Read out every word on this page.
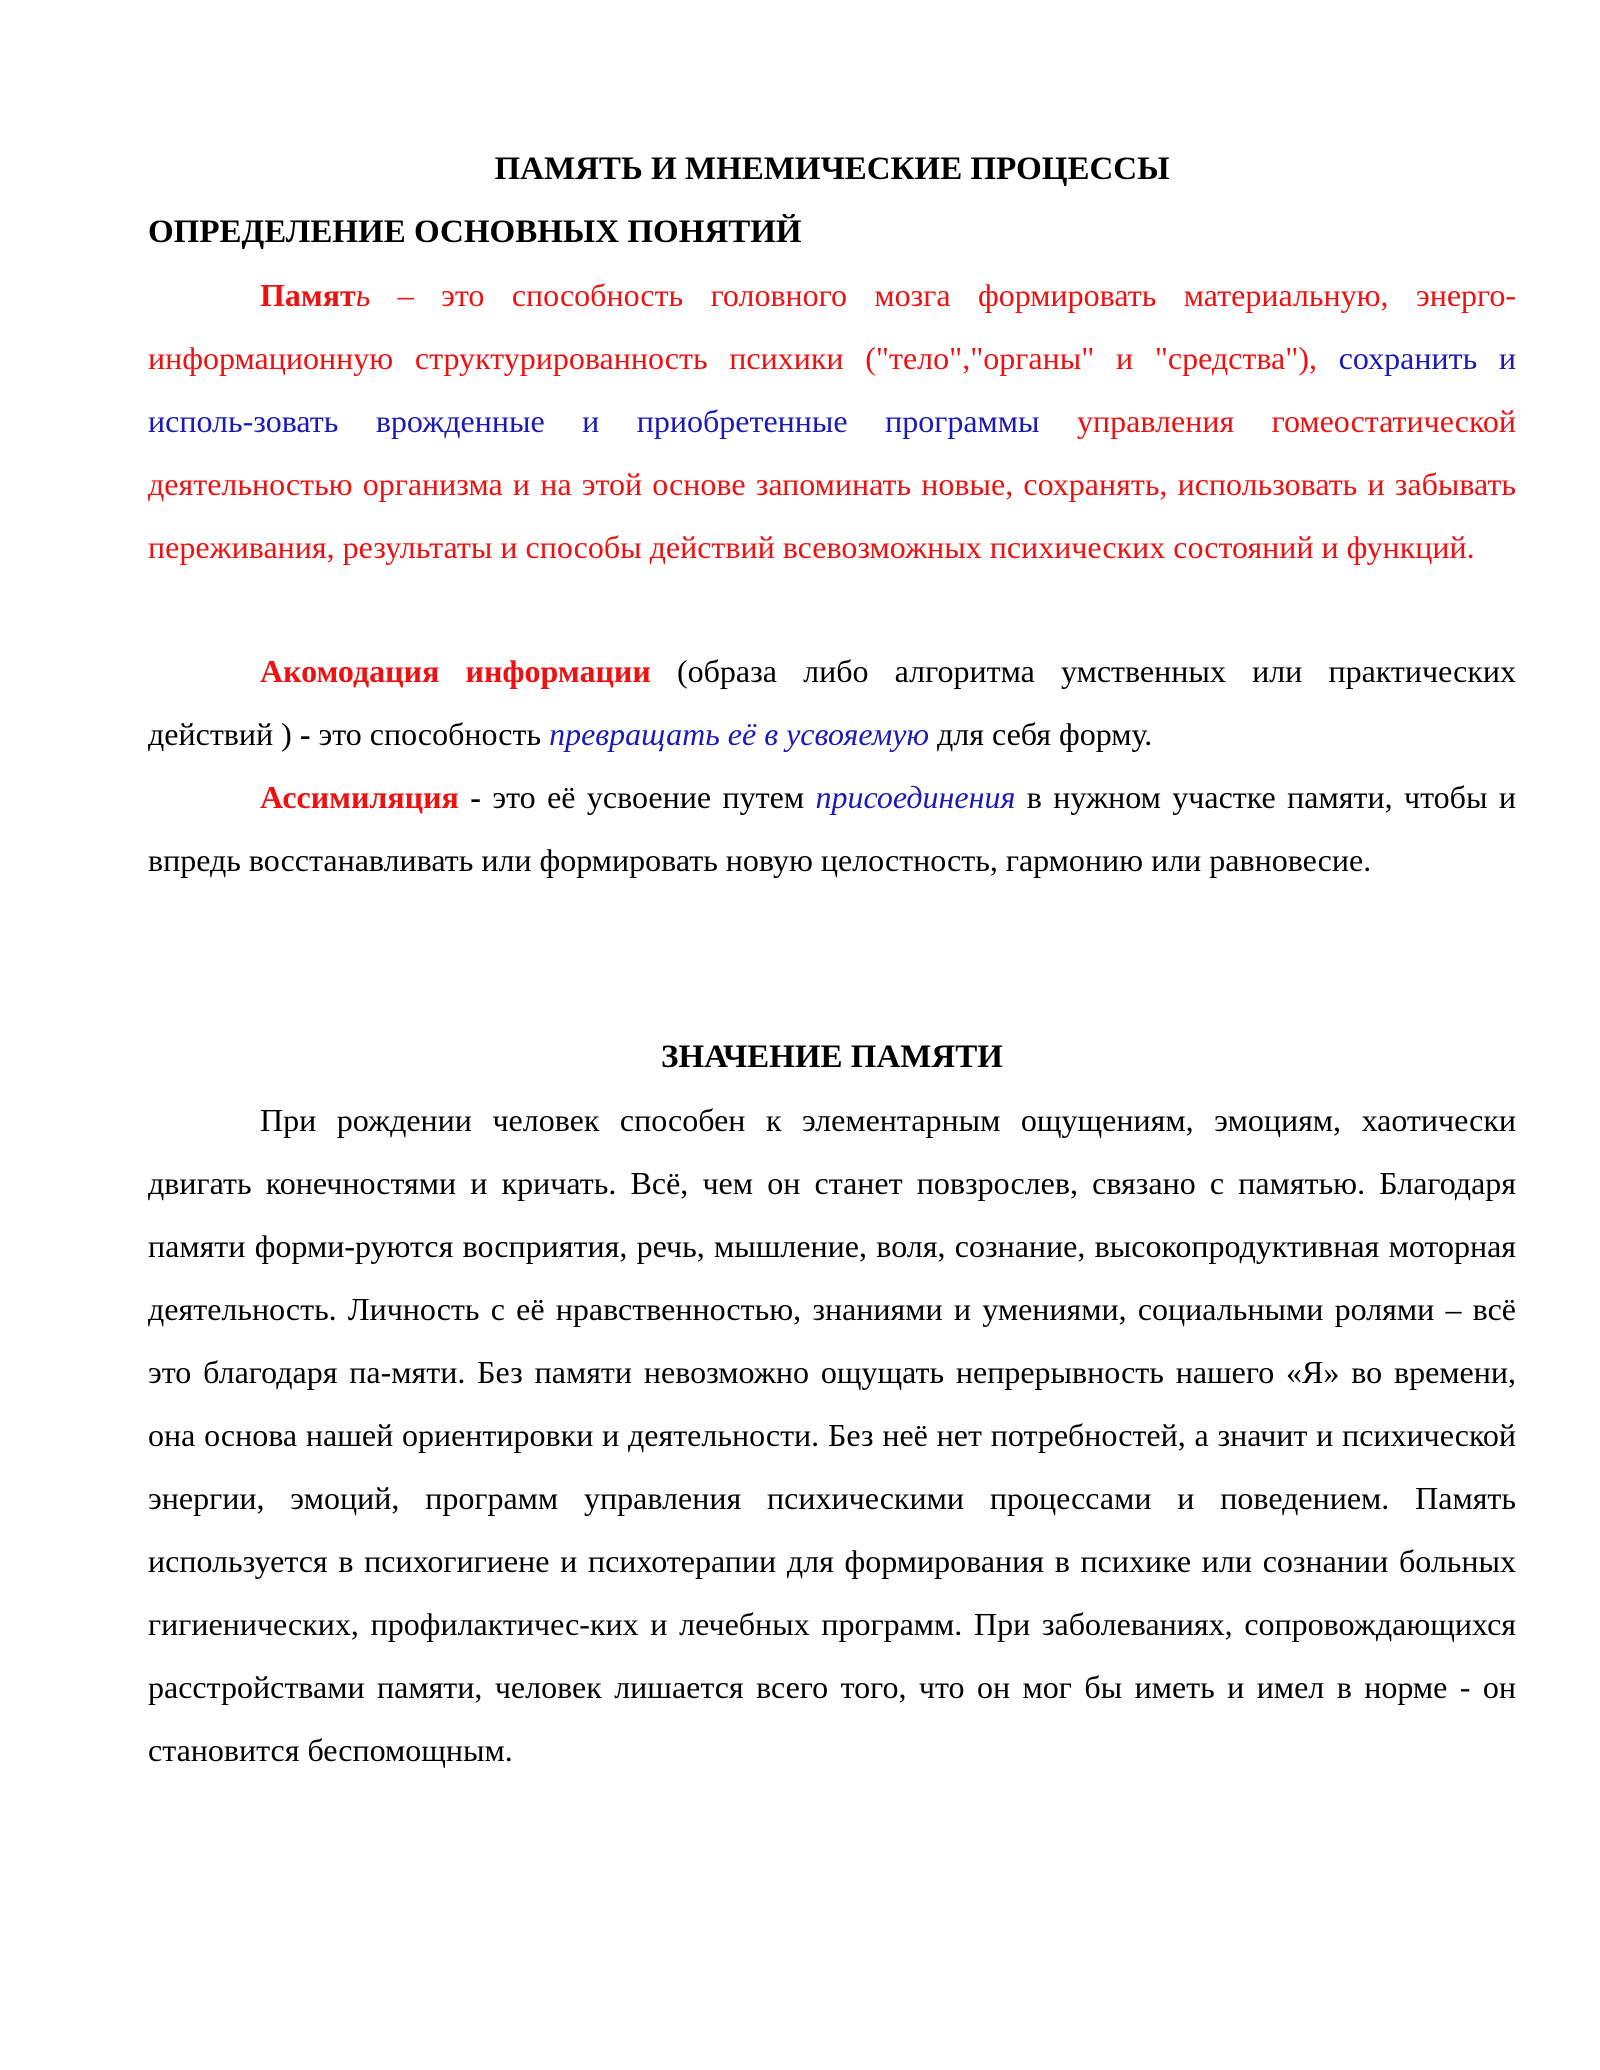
ПАМЯТЬ И МНЕМИЧЕСКИЕ ПРОЦЕССЫ
ОПРЕДЕЛЕНИЕ ОСНОВНЫХ ПОНЯТИЙ

Память – это способность головного мозга формировать материальную, энерго-информационную структурированность психики ("тело","органы" и "средства"), сохранить и исполь-зовать врожденные и приобретенные программы управления гомеостатической деятельностью организма и на этой основе запоминать новые, сохранять, использовать и забывать переживания, результаты и способы действий всевозможных психических состояний и функций.

Акомодация информации (образа либо алгоритма умственных или практических действий ) - это способность превращать её в усвояемую для себя форму.

Ассимиляция - это её усвоение путем присоединения в нужном участке памяти, чтобы и впредь восстанавливать или формировать новую целостность, гармонию или равновесие.

ЗНАЧЕНИЕ ПАМЯТИ

При рождении человек способен к элементарным ощущениям, эмоциям, хаотически двигать конечностями и кричать. Всё, чем он станет повзрослев, связано с памятью. Благодаря памяти форми-руются восприятия, речь, мышление, воля, сознание, высокопродуктивная моторная деятельность. Личность с её нравственностью, знаниями и умениями, социальными ролями – всё это благодаря па-мяти. Без памяти невозможно ощущать непрерывность нашего «Я» во времени, она основа нашей ориентировки и деятельности. Без неё нет потребностей, а значит и психической энергии, эмоций, программ управления психическими процессами и поведением. Память используется в психогигиене и психотерапии для формирования в психике или сознании больных гигиенических, профилактичес-ких и лечебных программ. При заболеваниях, сопровождающихся расстройствами памяти, человек лишается всего того, что он мог бы иметь и имел в норме - он становится беспомощным.
